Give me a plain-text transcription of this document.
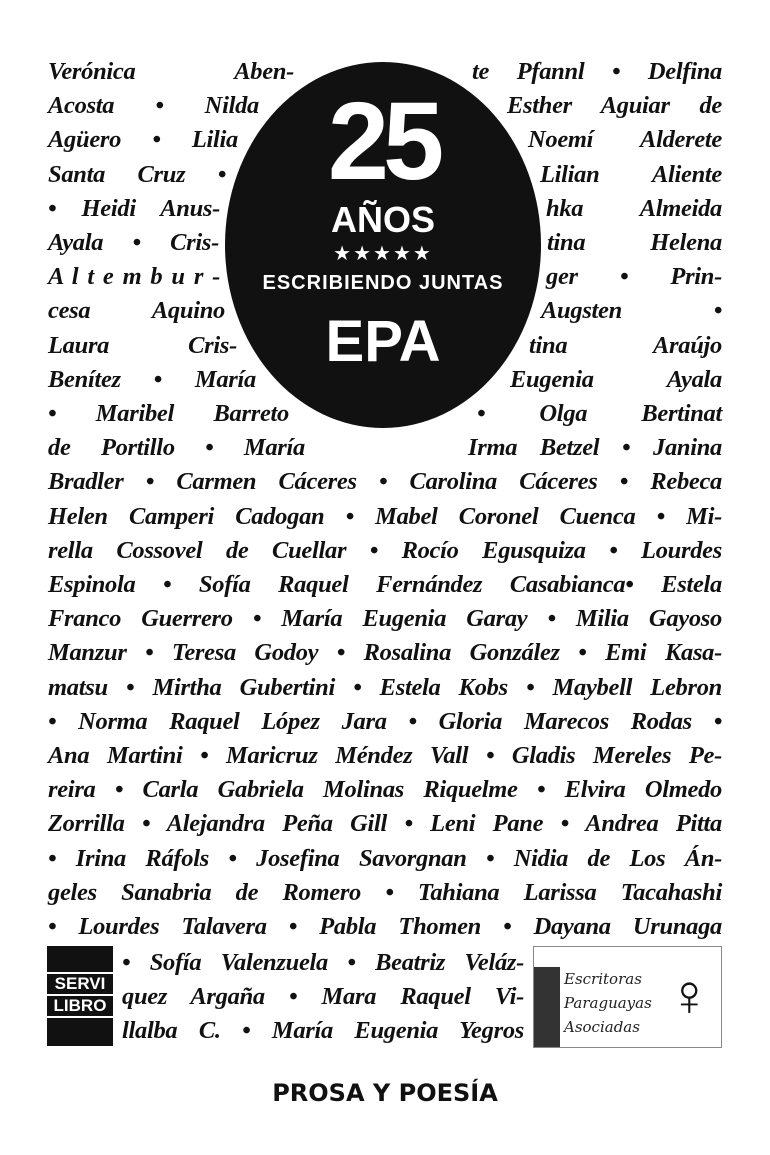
Verónica Aben-
Acosta • Nilda
Agüero • Lilia
Santa Cruz •
• Heidi Anus-
Ayala • Cris-
A l t e m b u r -
cesa Aquino
Laura Cris-
Benítez • María
• Maribel Barreto
de Portillo • María
te Pfannl • Delfina
Esther Aguiar de
Noemí Alderete
Lilian Aliente
hka Almeida
tina Helena
ger • Prin-
Augsten •
tina Araújo
Eugenia Ayala
• Olga Bertinat
Irma Betzel • Janina
Bradler • Carmen Cáceres • Carolina Cáceres • Rebeca
Helen Camperi Cadogan • Mabel Coronel Cuenca • Mi-
rella Cossovel de Cuellar • Rocío Egusquiza • Lourdes
Espinola • Sofía Raquel Fernández Casabianca• Estela
Franco Guerrero • María Eugenia Garay • Milia Gayoso
Manzur • Teresa Godoy • Rosalina González • Emi Kasa-
matsu • Mirtha Gubertini • Estela Kobs • Maybell Lebron
• Norma Raquel López Jara • Gloria Marecos Rodas •
Ana Martini • Maricruz Méndez Vall • Gladis Mereles Pe-
reira • Carla Gabriela Molinas Riquelme • Elvira Olmedo
Zorrilla • Alejandra Peña Gill • Leni Pane • Andrea Pitta
• Irina Ráfols • Josefina Savorgnan • Nidia de Los Án-
geles Sanabria de Romero • Tahiana Larissa Tacahashi
• Lourdes Talavera • Pabla Thomen • Dayana Urunaga
• Sofía Valenzuela • Beatriz Veláz-
quez Argaña • Mara Raquel Vi-
llalba C. • María Eugenia Yegros
25
AÑOS
★★★★★
ESCRIBIENDO JUNTAS
EPA
SERVI
LIBRO
Escritoras
Paraguayas
Asociadas ♀
PROSA Y POESÍA
